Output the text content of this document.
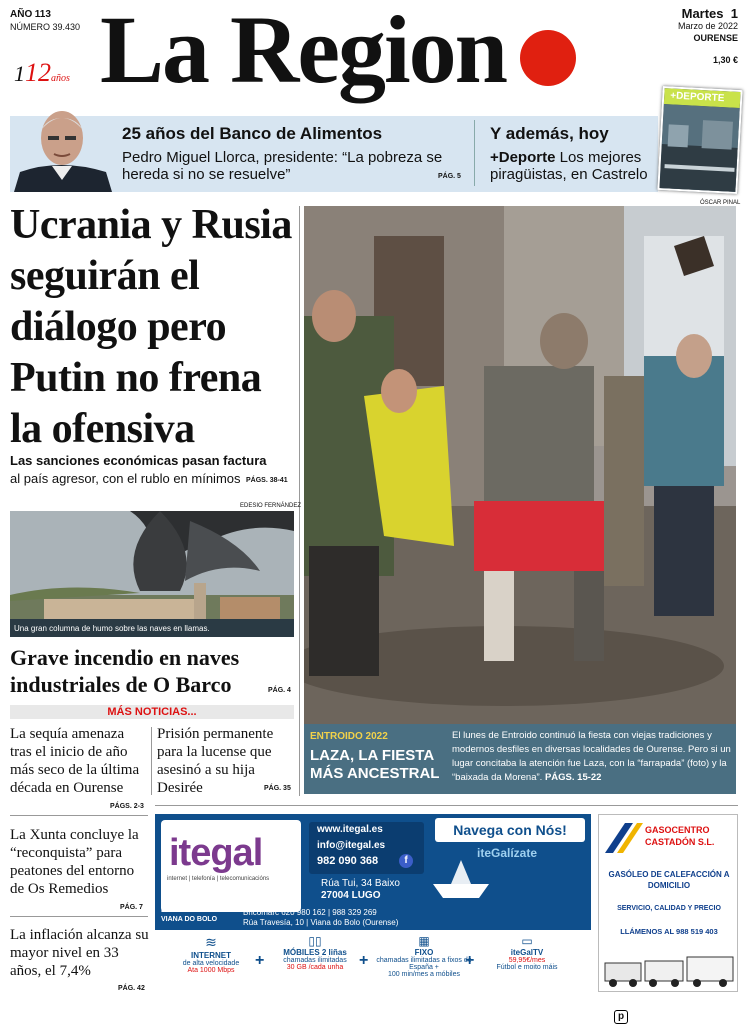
AÑO 113
NÚMERO 39.430
112años La Region	Martes 1
Marzo de 2022
OURENSE
1,30 €
25 años del Banco de Alimentos
Pedro Miguel Llorca, presidente: “La pobreza se hereda si no se resuelve”	PÁG. 5
Y además, hoy
+Deporte Los mejores piragüistas, en Castrelo
+DEPORTE
Ucrania y Rusia seguirán el diálogo pero Putin no frena la ofensiva
Las sanciones económicas pasan factura
al país agresor, con el rublo en mínimos PÁGS. 38-41
EDESIO FERNÁNDEZ
Una gran columna de humo sobre las naves en llamas.
Grave incendio en naves industriales de O Barco	PÁG. 4
MÁS NOTICIAS...
La sequía amenaza tras el inicio de año más seco de la última década en Ourense
PÁGS. 2-3
Prisión permanente para la lucense que asesinó a su hija Desirée	PÁG. 35
La Xunta concluye la “reconquista” para peatones del entorno de Os Remedios
PÁG. 7
La inflación alcanza su mayor nivel en 33 años, el 7,4%
PÁG. 42
ÓSCAR PINAL
ENTROIDO 2022
LAZA, LA FIESTA MÁS ANCESTRAL
El lunes de Entroido continuó la fiesta con viejas tradiciones y modernos desfiles en diversas localidades de Ourense. Pero si un lugar concitaba la atención fue Laza, con la “farrapada” (foto) y la “baixada da Morena”. PÁGS. 15-22
itegal
internet | telefonía | telecomunicacións
www.itegal.es
info@itegal.es
982 090 368	f
Rúa Tui, 34 Baixo
27004 LUGO
Navega con Nós!
iteGalízate
DISTRIBUIDOR EN VIANA DO BOLO
Bricomarc 620 980 162 | 988 329 269
Rúa Travesía, 10 | Viana do Bolo (Ourense)
≋
INTERNET
de alta velocidade
Ata 1000 Mbps
+
▯▯
MÓBILES 2 liñas
chamadas ilimitadas
30 GB /cada unha +
▦
FIXO
chamadas ilimitadas a fixos de España +
100 min/mes a móbiles
+
▭
iteGalTV
59,95€/mes
Fútbol e moito máis
GASOCENTRO
CASTADÓN S.L.
GASÓLEO DE CALEFACCIÓN A DOMICILIO
SERVICIO, CALIDAD Y PRECIO
LLÁMENOS AL 988 519 403
p
